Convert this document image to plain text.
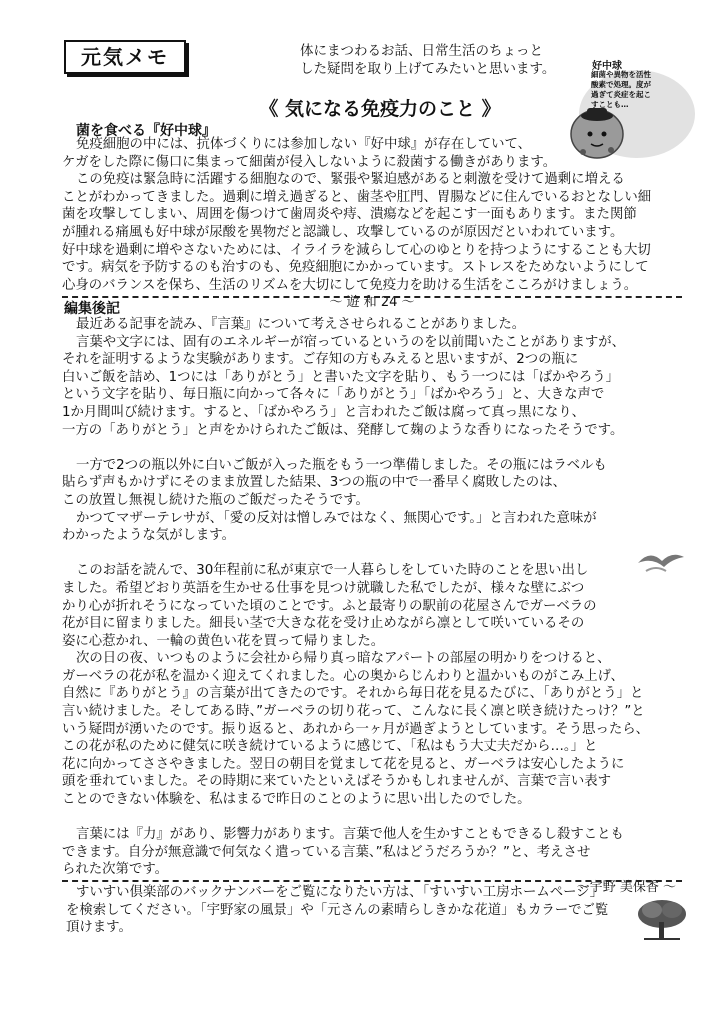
元気メモ	体にまつわるお話、日常生活のちょっと
した疑問を取り上げてみたいと思います。	好中球
細菌や異物を活性
酸素で処理。度が
過ぎて炎症を起こ
すことも…
《 気になる免疫力のこと 》
菌を食べる『好中球』
免疫細胞の中には、抗体づくりには参加しない『好中球』が存在していて、
ケガをした際に傷口に集まって細菌が侵入しないように殺菌する働きがあります。
この免疫は緊急時に活躍する細胞なので、緊張や緊迫感があると刺激を受けて過剰に増える
ことがわかってきました。過剰に増え過ぎると、歯茎や肛門、胃腸などに住んでいるおとなしい細
菌を攻撃してしまい、周囲を傷つけて歯周炎や痔、潰瘍などを起こす一面もあります。また関節
が腫れる痛風も好中球が尿酸を異物だと認識し、攻撃しているのが原因だといわれています。
好中球を過剰に増やさないためには、イライラを減らして心のゆとりを持つようにすることも大切
です。病気を予防するのも治すのも、免疫細胞にかかっています。ストレスをためないようにして
心身のバランスを保ち、生活のリズムを大切にして免疫力を助ける生活をこころがけましょう。
～ 遊 和 24 ～
編集後記
最近ある記事を読み、『言葉』について考えさせられることがありました。
言葉や文字には、固有のエネルギーが宿っているというのを以前聞いたことがありますが、
それを証明するような実験があります。ご存知の方もみえると思いますが、2つの瓶に
白いご飯を詰め、1つには「ありがとう」と書いた文字を貼り、もう一つには「ばかやろう」
という文字を貼り、毎日瓶に向かって各々に「ありがとう」「ばかやろう」と、大きな声で
1か月間叫び続けます。すると、「ばかやろう」と言われたご飯は腐って真っ黒になり、
一方の「ありがとう」と声をかけられたご飯は、発酵して麹のような香りになったそうです。
一方で2つの瓶以外に白いご飯が入った瓶をもう一つ準備しました。その瓶にはラベルも
貼らず声もかけずにそのまま放置した結果、3つの瓶の中で一番早く腐敗したのは、
この放置し無視し続けた瓶のご飯だったそうです。
かつてマザーテレサが、「愛の反対は憎しみではなく、無関心です。」と言われた意味が
わかったような気がします。
このお話を読んで、30年程前に私が東京で一人暮らしをしていた時のことを思い出し
ました。希望どおり英語を生かせる仕事を見つけ就職した私でしたが、様々な壁にぶつ
かり心が折れそうになっていた頃のことです。ふと最寄りの駅前の花屋さんでガーベラの
花が目に留まりました。細長い茎で大きな花を受け止めながら凛として咲いているその
姿に心惹かれ、一輪の黄色い花を買って帰りました。
次の日の夜、いつものように会社から帰り真っ暗なアパートの部屋の明かりをつけると、
ガーベラの花が私を温かく迎えてくれました。心の奥からじんわりと温かいものがこみ上げ、
自然に『ありがとう』の言葉が出てきたのです。それから毎日花を見るたびに、「ありがとう」と
言い続けました。そしてある時、”ガーベラの切り花って、こんなに長く凛と咲き続けたっけ？”と
いう疑問が湧いたのです。振り返ると、あれから一ヶ月が過ぎようとしています。そう思ったら、
この花が私のために健気に咲き続けているように感じて、「私はもう大丈夫だから…。」と
花に向かってささやきました。翌日の朝目を覚まして花を見ると、ガーベラは安心したように
頭を垂れていました。その時期に来ていたといえばそうかもしれませんが、言葉で言い表す
ことのできない体験を、私はまるで昨日のことのように思い出したのでした。
言葉には『力』があり、影響力があります。言葉で他人を生かすこともできるし殺すことも
できます。自分が無意識で何気なく遣っている言葉、”私はどうだろうか？”と、考えさせ
られた次第です。
～宇野 美保香 ～
すいすい倶楽部のバックナンバーをご覧になりたい方は、「すいすい工房ホームページ」
を検索してください。「宇野家の風景」や「元さんの素晴らしきかな花道」もカラーでご覧
頂けます。
